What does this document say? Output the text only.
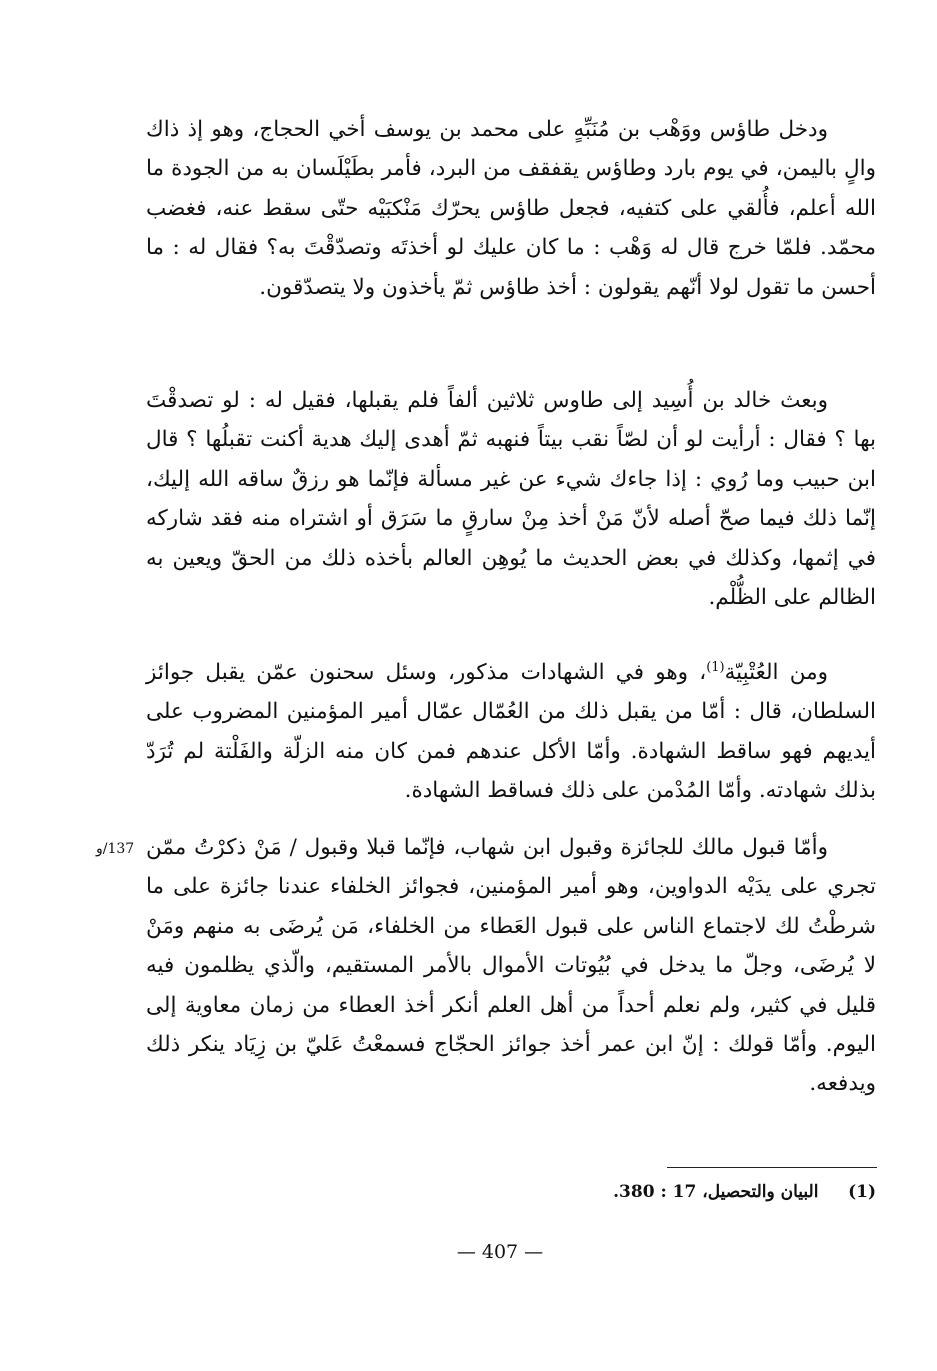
ودخل طاؤس ووَهْب بن مُنَبِّهٍ على محمد بن يوسف أخي الحجاج، وهو إذ ذاك والٍ باليمن، في يوم بارد وطاؤس يقفقف من البرد، فأمر بطَيْلَسان به من الجودة ما الله أعلم، فأُلقي على كتفيه، فجعل طاؤس يحرّك مَنْكبَيْه حتّى سقط عنه، فغضب محمّد. فلمّا خرج قال له وَهْب : ما كان عليك لو أخذتَه وتصدّقْتَ به؟ فقال له : ما أحسن ما تقول لولا أنّهم يقولون : أخذ طاؤس ثمّ يأخذون ولا يتصدّقون.

وبعث خالد بن أُسِيد إلى طاوس ثلاثين ألفاً فلم يقبلها، فقيل له : لو تصدقْتَ بها ؟ فقال : أرأيت لو أن لصّاً نقب بيتاً فنهبه ثمّ أهدى إليك هدية أكنت تقبلُها ؟ قال ابن حبيب وما رُوي : إذا جاءك شيء عن غير مسألة فإنّما هو رزقٌ ساقه الله إليك، إنّما ذلك فيما صحّ أصله لأنّ مَنْ أخذ مِنْ سارقٍ ما سَرَق أو اشتراه منه فقد شاركه في إثمها، وكذلك في بعض الحديث ما يُوهِن العالم بأخذه ذلك من الحقّ ويعين به الظالم على الظُّلْم.

ومن العُتْبِيّة$^{(1)}$، وهو في الشهادات مذكور، وسئل سحنون عمّن يقبل جوائز السلطان، قال : أمّا من يقبل ذلك من العُمّال عمّال أمير المؤمنين المضروب على أيديهم فهو ساقط الشهادة. وأمّا الأكل عندهم فمن كان منه الزلّة والفَلْتة لم تُرَدّ بذلك شهادته. وأمّا المُدْمن على ذلك فساقط الشهادة.

137/و وأمّا قبول مالك للجائزة وقبول ابن شهاب، فإنّما قبلا وقبول / مَنْ ذكرْتُ ممّن تجري على يدَيْه الدواوين، وهو أمير المؤمنين، فجوائز الخلفاء عندنا جائزة على ما شرطْتُ لك لاجتماع الناس على قبول العَطاء من الخلفاء، مَن يُرضَى به منهم ومَنْ لا يُرضَى، وجلّ ما يدخل في بُيُوتات الأموال بالأمر المستقيم، والّذي يظلمون فيه قليل في كثير، ولم نعلم أحداً من أهل العلم أنكر أخذ العطاء من زمان معاوية إلى اليوم. وأمّا قولك : إنّ ابن عمر أخذ جوائز الحجّاج فسمعْتُ عَليّ بن زِيَاد ينكر ذلك ويدفعه.

(1)     البيان والتحصيل، 17 : 380.
— 407 —
